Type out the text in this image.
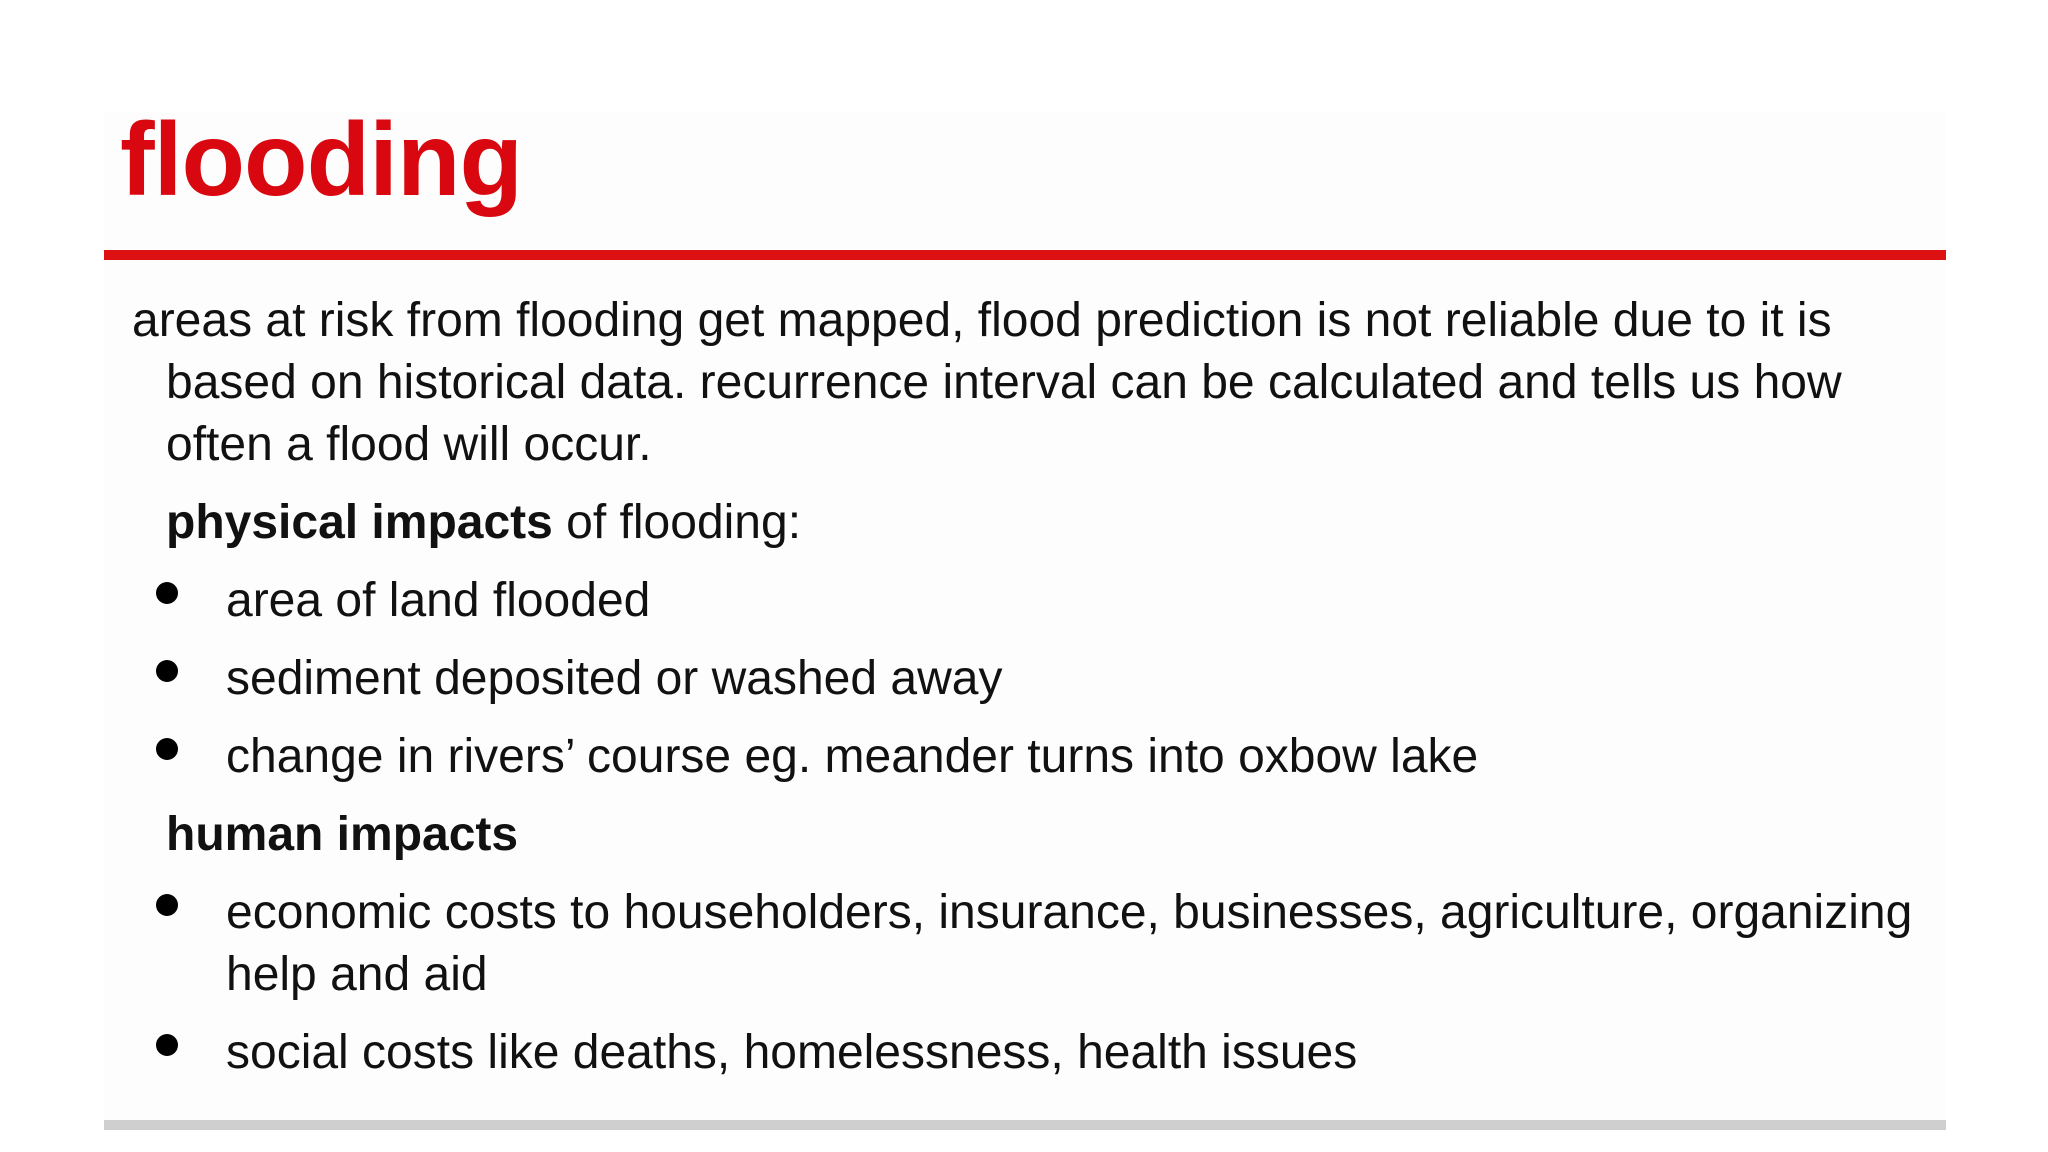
flooding

areas at risk from flooding get mapped, flood prediction is not reliable due to it is based on historical data. recurrence interval can be calculated and tells us how often a flood will occur.

physical impacts of flooding:

area of land flooded
sediment deposited or washed away
change in rivers’ course eg. meander turns into oxbow lake

human impacts

economic costs to householders, insurance, businesses, agriculture, organizing help and aid
social costs like deaths, homelessness, health issues
